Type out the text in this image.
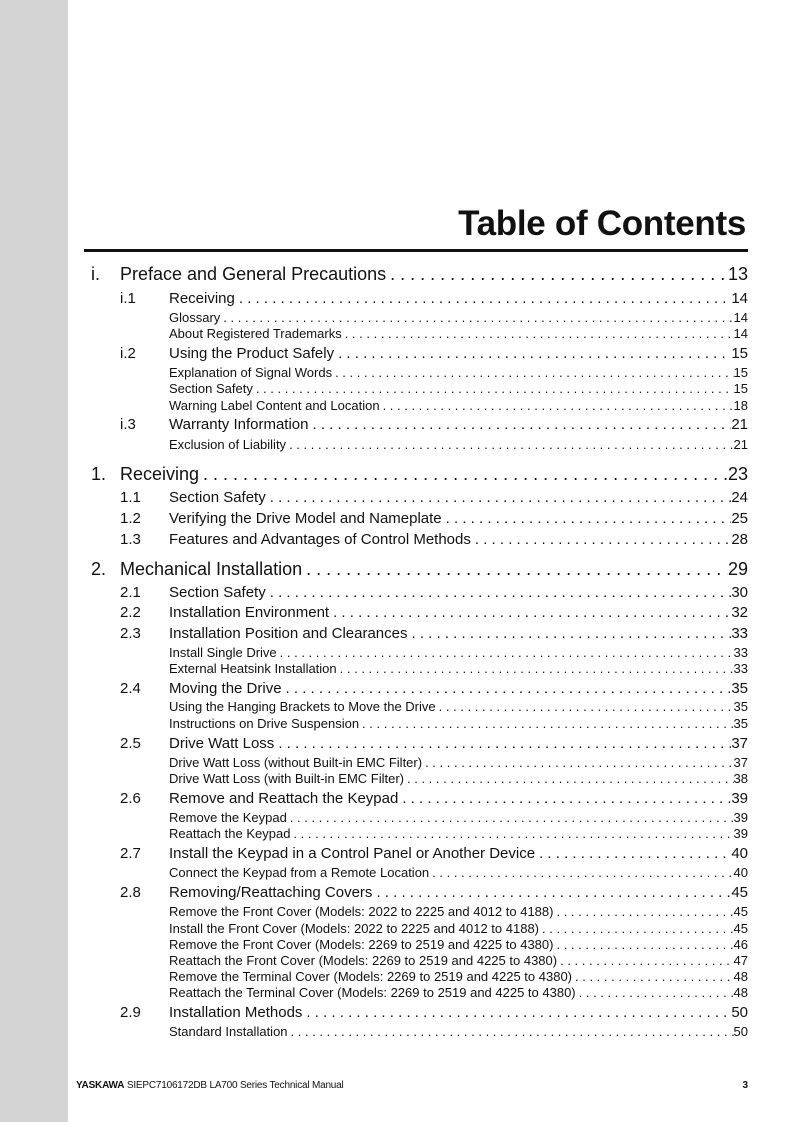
Table of Contents
i. Preface and General Precautions . . .	13
i.1 Receiving . . .	14
Glossary . . .	14
About Registered Trademarks . . .	14
i.2 Using the Product Safely . . .	15
Explanation of Signal Words . . .	15
Section Safety . . .	15
Warning Label Content and Location . . .	18
i.3 Warranty Information . . .	21
Exclusion of Liability . . .	21
1. Receiving . . .	23
1.1 Section Safety . . .	24
1.2 Verifying the Drive Model and Nameplate . . .	25
1.3 Features and Advantages of Control Methods . . .	28
2. Mechanical Installation . . .	29
2.1 Section Safety . . .	30
2.2 Installation Environment . . .	32
2.3 Installation Position and Clearances . . .	33
Install Single Drive . . .	33
External Heatsink Installation . . .	33
2.4 Moving the Drive . . .	35
Using the Hanging Brackets to Move the Drive . . .	35
Instructions on Drive Suspension . . .	35
2.5 Drive Watt Loss . . .	37
Drive Watt Loss (without Built-in EMC Filter) . . .	37
Drive Watt Loss (with Built-in EMC Filter) . . .	38
2.6 Remove and Reattach the Keypad . . .	39
Remove the Keypad . . .	39
Reattach the Keypad . . .	39
2.7 Install the Keypad in a Control Panel or Another Device . . .	40
Connect the Keypad from a Remote Location . . .	40
2.8 Removing/Reattaching Covers . . .	45
Remove the Front Cover (Models: 2022 to 2225 and 4012 to 4188) . . .	45
Install the Front Cover (Models: 2022 to 2225 and 4012 to 4188) . . .	45
Remove the Front Cover (Models: 2269 to 2519 and 4225 to 4380) . . .	46
Reattach the Front Cover (Models: 2269 to 2519 and 4225 to 4380) . . .	47
Remove the Terminal Cover (Models: 2269 to 2519 and 4225 to 4380) . . .	48
Reattach the Terminal Cover (Models: 2269 to 2519 and 4225 to 4380) . . .	48
2.9 Installation Methods . . .	50
Standard Installation . . .	50
YASKAWA SIEPC7106172DB LA700 Series Technical Manual	3
